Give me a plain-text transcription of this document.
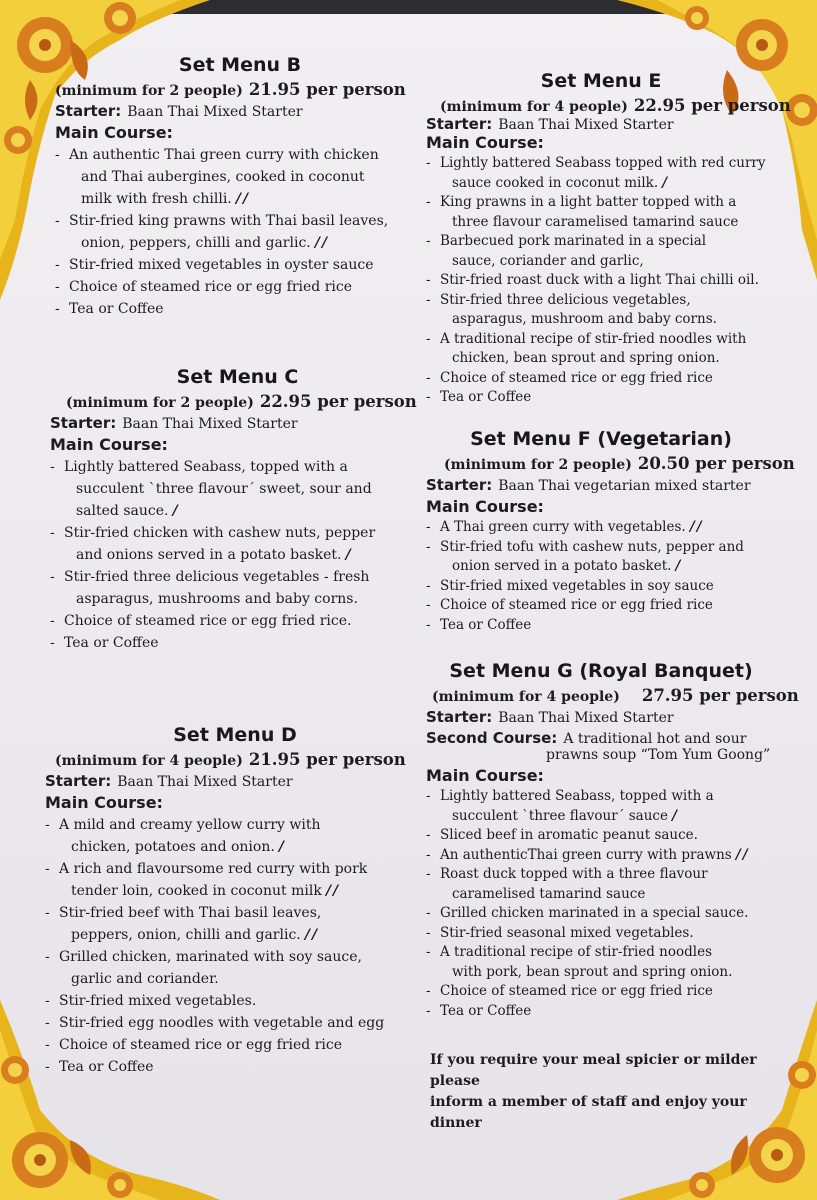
Set Menu B
(minimum for 2 people) 21.95 per person
Starter: Baan Thai Mixed Starter
Main Course:
- An authentic Thai green curry with chicken
and Thai aubergines, cooked in coconut
milk with fresh chilli. //
- Stir-fried king prawns with Thai basil leaves,
onion, peppers, chilli and garlic. //
- Stir-fried mixed vegetables in oyster sauce
- Choice of steamed rice or egg fried rice
- Tea or Coffee
Set Menu C
(minimum for 2 people) 22.95 per person
Starter: Baan Thai Mixed Starter
Main Course:
- Lightly battered Seabass, topped with a
succulent `three flavour´ sweet, sour and
salted sauce. /
- Stir-fried chicken with cashew nuts, pepper
and onions served in a potato basket. /
- Stir-fried three delicious vegetables - fresh
asparagus, mushrooms and baby corns.
- Choice of steamed rice or egg fried rice.
- Tea or Coffee
Set Menu D
(minimum for 4 people) 21.95 per person
Starter: Baan Thai Mixed Starter
Main Course:
- A mild and creamy yellow curry with
chicken, potatoes and onion. /
- A rich and flavoursome red curry with pork
tender loin, cooked in coconut milk //
- Stir-fried beef with Thai basil leaves,
peppers, onion, chilli and garlic. //
- Grilled chicken, marinated with soy sauce,
garlic and coriander.
- Stir-fried mixed vegetables.
- Stir-fried egg noodles with vegetable and egg
- Choice of steamed rice or egg fried rice
- Tea or Coffee
Set Menu E
(minimum for 4 people) 22.95 per person
Starter: Baan Thai Mixed Starter
Main Course:
- Lightly battered Seabass topped with red curry
sauce cooked in coconut milk. /
- King prawns in a light batter topped with a
three flavour caramelised tamarind sauce
- Barbecued pork marinated in a special
sauce, coriander and garlic,
- Stir-fried roast duck with a light Thai chilli oil.
- Stir-fried three delicious vegetables,
asparagus, mushroom and baby corns.
- A traditional recipe of stir-fried noodles with
chicken, bean sprout and spring onion.
- Choice of steamed rice or egg fried rice
- Tea or Coffee
Set Menu F (Vegetarian)
(minimum for 2 people) 20.50 per person
Starter: Baan Thai vegetarian mixed starter
Main Course:
- A Thai green curry with vegetables. //
- Stir-fried tofu with cashew nuts, pepper and
onion served in a potato basket. /
- Stir-fried mixed vegetables in soy sauce
- Choice of steamed rice or egg fried rice
- Tea or Coffee
Set Menu G (Royal Banquet)
(minimum for 4 people) 27.95 per person
Starter: Baan Thai Mixed Starter
Second Course: A traditional hot and sour
prawns soup “Tom Yum Goong”
Main Course:
- Lightly battered Seabass, topped with a
succulent `three flavour´ sauce /
- Sliced beef in aromatic peanut sauce.
- An authenticThai green curry with prawns //
- Roast duck topped with a three flavour
caramelised tamarind sauce
- Grilled chicken marinated in a special sauce.
- Stir-fried seasonal mixed vegetables.
- A traditional recipe of stir-fried noodles
with pork, bean sprout and spring onion.
- Choice of steamed rice or egg fried rice
- Tea or Coffee
If you require your meal spicier or milder please
inform a member of staff and enjoy your dinner
